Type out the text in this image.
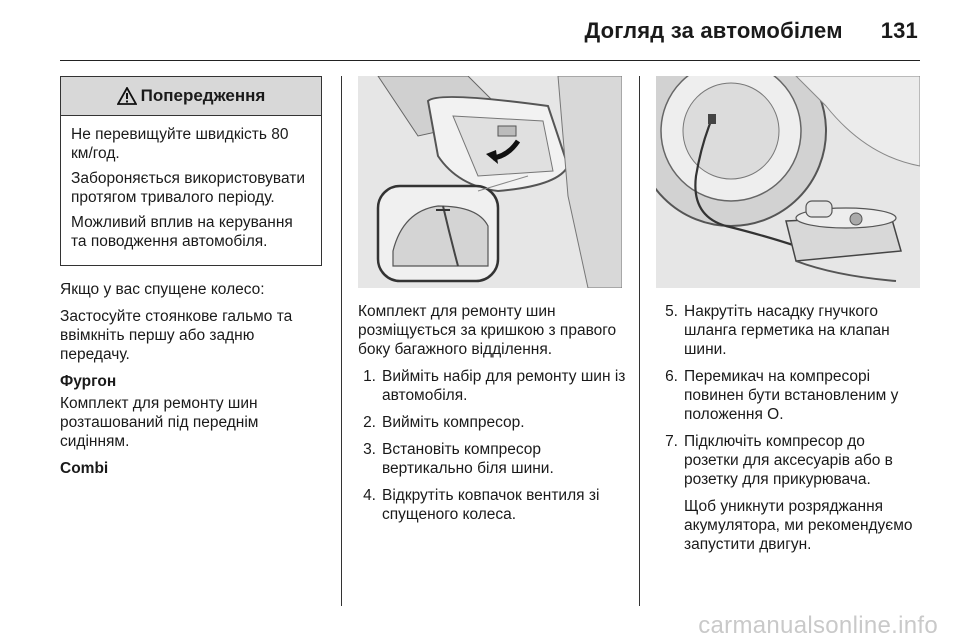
Догляд за автомобілем 131
Попередження

Не перевищуйте швидкість 80 км/год.

Забороняється використовувати протягом тривалого періоду.

Можливий вплив на керування та поводження автомобіля.

Якщо у вас спущене колесо:

Застосуйте стоянкове гальмо та ввімкніть першу або задню передачу.

Фургон

Комплект для ремонту шин розташований під переднім сидінням.

Combi

Комплект для ремонту шин розміщується за кришкою з правого боку багажного відділення.

1. Вийміть набір для ремонту шин із автомобіля.
2. Вийміть компресор.
3. Встановіть компресор вертикально біля шини.
4. Відкрутіть ковпачок вентиля зі спущеного колеса.
5. Накрутіть насадку гнучкого шланга герметика на клапан шини.
6. Перемикач на компресорі повинен бути встановленим у положення O.
7. Підключіть компресор до розетки для аксесуарів або в розетку для прикурювача.
Щоб уникнути розряджання акумулятора, ми рекомендуємо запустити двигун.
carmanualsonline.info
